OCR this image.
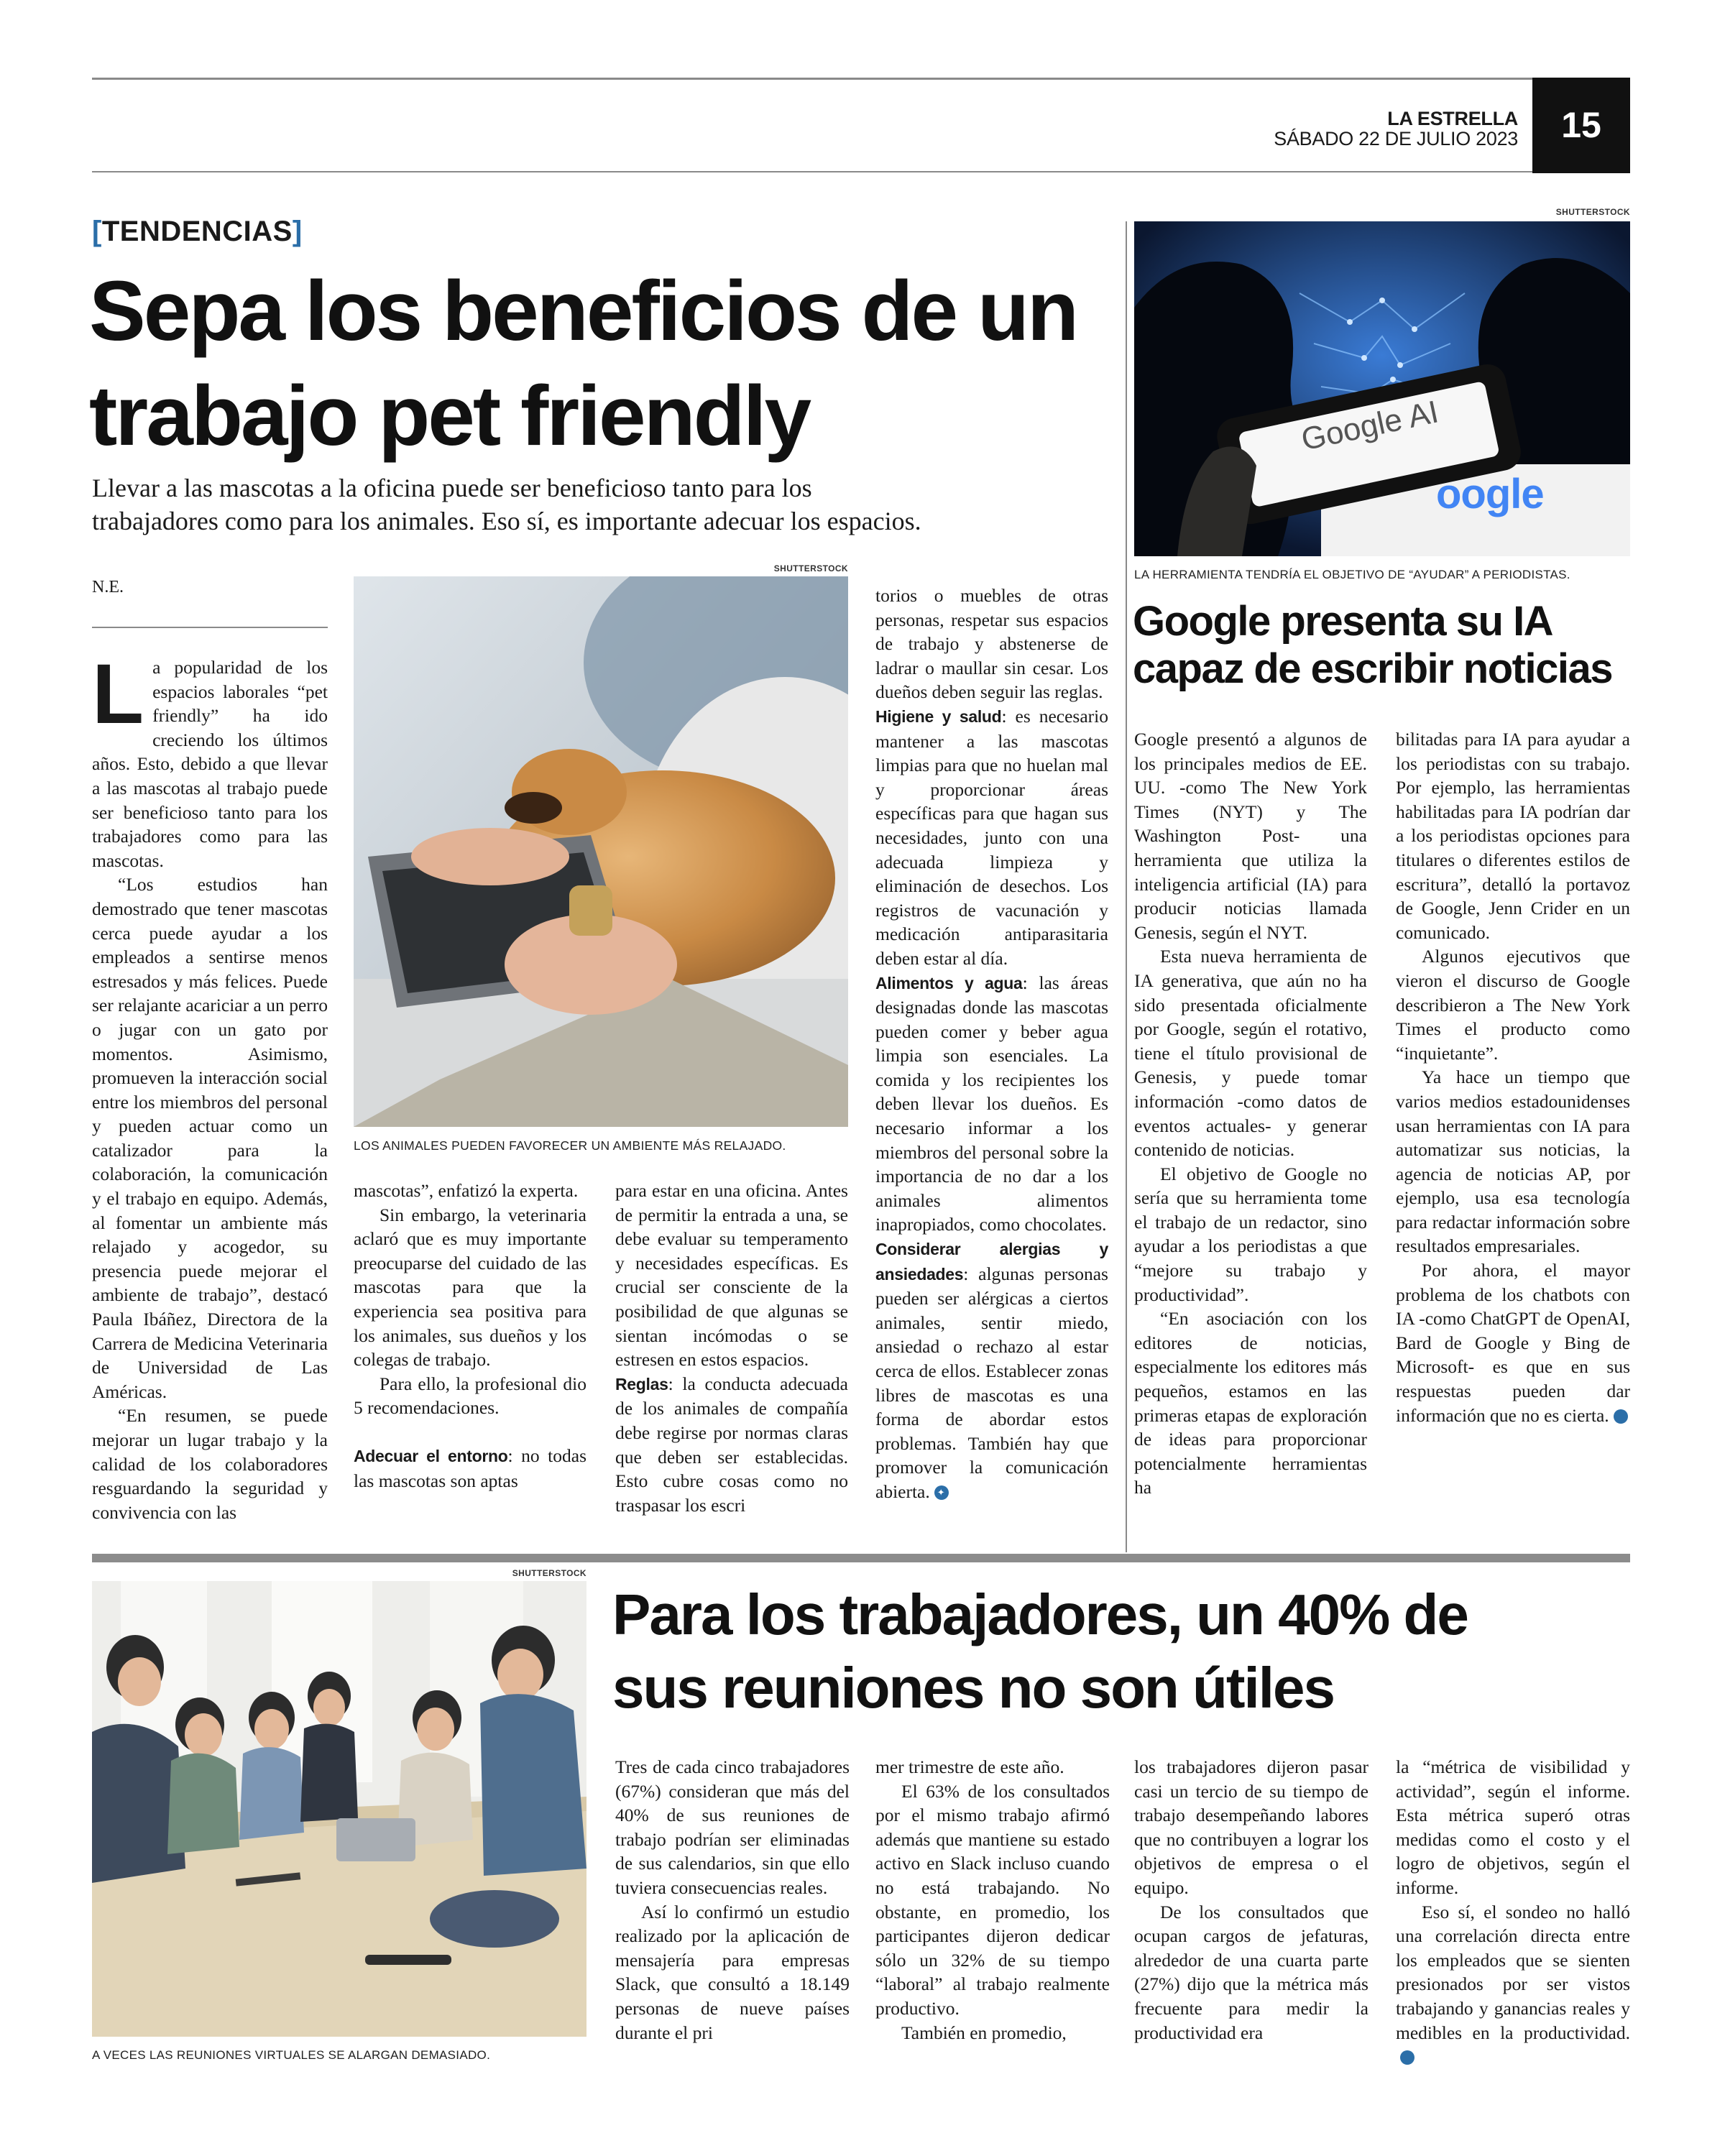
LA ESTRELLA
SÁBADO 22 DE JULIO 2023	15
[TENDENCIAS]
Sepa los beneficios de un
trabajo pet friendly
Llevar a las mascotas a la oficina puede ser beneficioso tanto para los
trabajadores como para los animales. Eso sí, es importante adecuar los espacios.
N.E.

La popularidad de los espacios laborales “pet friendly” ha ido creciendo los últimos años. Esto, debido a que llevar a las mascotas al trabajo puede ser beneficioso tanto para los trabajadores como para las mascotas.

“Los estudios han demostrado que tener mascotas cerca puede ayudar a los empleados a sentirse menos estresados y más felices. Puede ser relajante acariciar a un perro o jugar con un gato por momentos. Asimismo, promueven la interacción social entre los miembros del personal y pueden actuar como un catalizador para la colaboración, la comunicación y el trabajo en equipo. Además, al fomentar un ambiente más relajado y acogedor, su presencia puede mejorar el ambiente de trabajo”, destacó Paula Ibáñez, Directora de la Carrera de Medicina Veterinaria de Universidad de Las Américas.

“En resumen, se puede mejorar un lugar trabajo y la calidad de los colaboradores resguardando la seguridad y convivencia con las

SHUTTERSTOCK
LOS ANIMALES PUEDEN FAVORECER UN AMBIENTE MÁS RELAJADO.

mascotas”, enfatizó la experta.

Sin embargo, la veterinaria aclaró que es muy importante preocuparse del cuidado de las mascotas para que la experiencia sea positiva para los animales, sus dueños y los colegas de trabajo.

Para ello, la profesional dio 5 recomendaciones.

Adecuar el entorno: no todas las mascotas son aptas

para estar en una oficina. Antes de permitir la entrada a una, se debe evaluar su temperamento y necesidades específicas. Es crucial ser consciente de la posibilidad de que algunas se sientan incómodas o se estresen en estos espacios.

Reglas: la conducta adecuada de los animales de compañía debe regirse por normas claras que deben ser establecidas. Esto cubre cosas como no traspasar los escri

torios o muebles de otras personas, respetar sus espacios de trabajo y abstenerse de ladrar o maullar sin cesar. Los dueños deben seguir las reglas.

Higiene y salud: es necesario mantener a las mascotas limpias para que no huelan mal y proporcionar áreas específicas para que hagan sus necesidades, junto con una adecuada limpieza y eliminación de desechos. Los registros de vacunación y medicación antiparasitaria deben estar al día.

Alimentos y agua: las áreas designadas donde las mascotas pueden comer y beber agua limpia son esenciales. La comida y los recipientes los deben llevar los dueños. Es necesario informar a los miembros del personal sobre la importancia de no dar a los animales alimentos inapropiados, como chocolates.

Considerar alergias y ansiedades: algunas personas pueden ser alérgicas a ciertos animales, sentir miedo, ansiedad o rechazo al estar cerca de ellos. Establecer zonas libres de mascotas es una forma de abordar estos problemas. También hay que promover la comunicación abierta.✦

SHUTTERSTOCK
Google AI
oogle
LA HERRAMIENTA TENDRÍA EL OBJETIVO DE “AYUDAR” A PERIODISTAS.
Google presenta su IA
capaz de escribir noticias

Google presentó a algunos de los principales medios de EE. UU. -como The New York Times (NYT) y The Washington Post- una herramienta que utiliza la inteligencia artificial (IA) para producir noticias llamada Genesis, según el NYT.

Esta nueva herramienta de IA generativa, que aún no ha sido presentada oficialmente por Google, según el rotativo, tiene el título provisional de Genesis, y puede tomar información -como datos de eventos actuales- y generar contenido de noticias.

El objetivo de Google no sería que su herramienta tome el trabajo de un redactor, sino ayudar a los periodistas a que “mejore su trabajo y productividad”.

“En asociación con los editores de noticias, especialmente los editores más pequeños, estamos en las primeras etapas de exploración de ideas para proporcionar potencialmente herramientas ha

bilitadas para IA para ayudar a los periodistas con su trabajo. Por ejemplo, las herramientas habilitadas para IA podrían dar a los periodistas opciones para titulares o diferentes estilos de escritura”, detalló la portavoz de Google, Jenn Crider en un comunicado.

Algunos ejecutivos que vieron el discurso de Google describieron a The New York Times el producto como “inquietante”.

Ya hace un tiempo que varios medios estadounidenses usan herramientas con IA para automatizar sus noticias, la agencia de noticias AP, por ejemplo, usa esa tecnología para redactar información sobre resultados empresariales.

Por ahora, el mayor problema de los chatbots con IA -como ChatGPT de OpenAI, Bard de Google y Bing de Microsoft- es que en sus respuestas pueden dar información que no es cierta.✦

SHUTTERSTOCK
A VECES LAS REUNIONES VIRTUALES SE ALARGAN DEMASIADO.
Para los trabajadores, un 40% de
sus reuniones no son útiles

Tres de cada cinco trabajadores (67%) consideran que más del 40% de sus reuniones de trabajo podrían ser eliminadas de sus calendarios, sin que ello tuviera consecuencias reales.

Así lo confirmó un estudio realizado por la aplicación de mensajería para empresas Slack, que consultó a 18.149 personas de nueve países durante el pri

mer trimestre de este año.

El 63% de los consultados por el mismo trabajo afirmó además que mantiene su estado activo en Slack incluso cuando no está trabajando. No obstante, en promedio, los participantes dijeron dedicar sólo un 32% de su tiempo “laboral” al trabajo realmente productivo.

También en promedio,

los trabajadores dijeron pasar casi un tercio de su tiempo de trabajo desempeñando labores que no contribuyen a lograr los objetivos de empresa o el equipo.

De los consultados que ocupan cargos de jefaturas, alrededor de una cuarta parte (27%) dijo que la métrica más frecuente para medir la productividad era

la “métrica de visibilidad y actividad”, según el informe. Esta métrica superó otras medidas como el costo y el logro de objetivos, según el informe.

Eso sí, el sondeo no halló una correlación directa entre los empleados que se sienten presionados por ser vistos trabajando y ganancias reales y medibles en la productividad.✦
